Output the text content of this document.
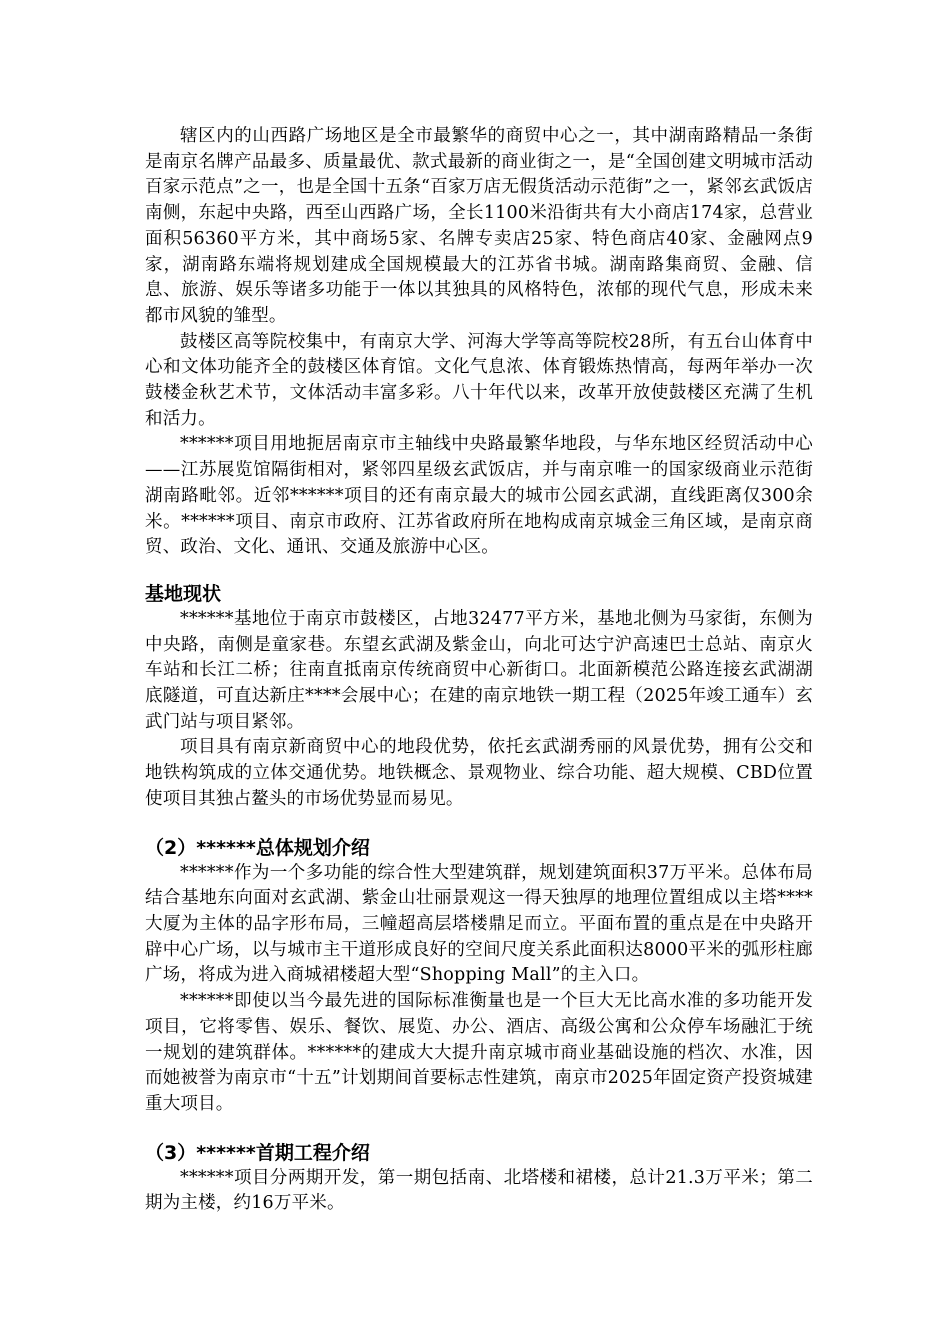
辖区内的山西路广场地区是全市最繁华的商贸中心之一，其中湖南路精品一条街是南京名牌产品最多、质量最优、款式最新的商业街之一，是“全国创建文明城市活动百家示范点”之一，也是全国十五条“百家万店无假货活动示范街”之一，紧邻玄武饭店南侧，东起中央路，西至山西路广场，全长1100米沿街共有大小商店174家，总营业面积56360平方米，其中商场5家、名牌专卖店25家、特色商店40家、金融网点9家，湖南路东端将规划建成全国规模最大的江苏省书城。湖南路集商贸、金融、信息、旅游、娱乐等诸多功能于一体以其独具的风格特色，浓郁的现代气息，形成未来都市风貌的雏型。

鼓楼区高等院校集中，有南京大学、河海大学等高等院校28所，有五台山体育中心和文体功能齐全的鼓楼区体育馆。文化气息浓、体育锻炼热情高，每两年举办一次鼓楼金秋艺术节，文体活动丰富多彩。八十年代以来，改革开放使鼓楼区充满了生机和活力。

******项目用地扼居南京市主轴线中央路最繁华地段，与华东地区经贸活动中心——江苏展览馆隔街相对，紧邻四星级玄武饭店，并与南京唯一的国家级商业示范街湖南路毗邻。近邻******项目的还有南京最大的城市公园玄武湖，直线距离仅300余米。******项目、南京市政府、江苏省政府所在地构成南京城金三角区域，是南京商贸、政治、文化、通讯、交通及旅游中心区。

基地现状

******基地位于南京市鼓楼区，占地32477平方米，基地北侧为马家街，东侧为中央路，南侧是童家巷。东望玄武湖及紫金山，向北可达宁沪高速巴士总站、南京火车站和长江二桥；往南直抵南京传统商贸中心新街口。北面新模范公路连接玄武湖湖底隧道，可直达新庄****会展中心；在建的南京地铁一期工程（2025年竣工通车）玄武门站与项目紧邻。

项目具有南京新商贸中心的地段优势，依托玄武湖秀丽的风景优势，拥有公交和地铁构筑成的立体交通优势。地铁概念、景观物业、综合功能、超大规模、CBD位置使项目其独占鳌头的市场优势显而易见。

（2）******总体规划介绍

******作为一个多功能的综合性大型建筑群，规划建筑面积37万平米。总体布局结合基地东向面对玄武湖、紫金山壮丽景观这一得天独厚的地理位置组成以主塔****大厦为主体的品字形布局，三幢超高层塔楼鼎足而立。平面布置的重点是在中央路开辟中心广场，以与城市主干道形成良好的空间尺度关系此面积达8000平米的弧形柱廊广场，将成为进入商城裙楼超大型“Shopping Mall”的主入口。

******即使以当今最先进的国际标准衡量也是一个巨大无比高水准的多功能开发项目，它将零售、娱乐、餐饮、展览、办公、酒店、高级公寓和公众停车场融汇于统一规划的建筑群体。******的建成大大提升南京城市商业基础设施的档次、水准，因而她被誉为南京市“十五”计划期间首要标志性建筑，南京市2025年固定资产投资城建重大项目。

（3）******首期工程介绍

******项目分两期开发，第一期包括南、北塔楼和裙楼，总计21.3万平米；第二期为主楼，约16万平米。
